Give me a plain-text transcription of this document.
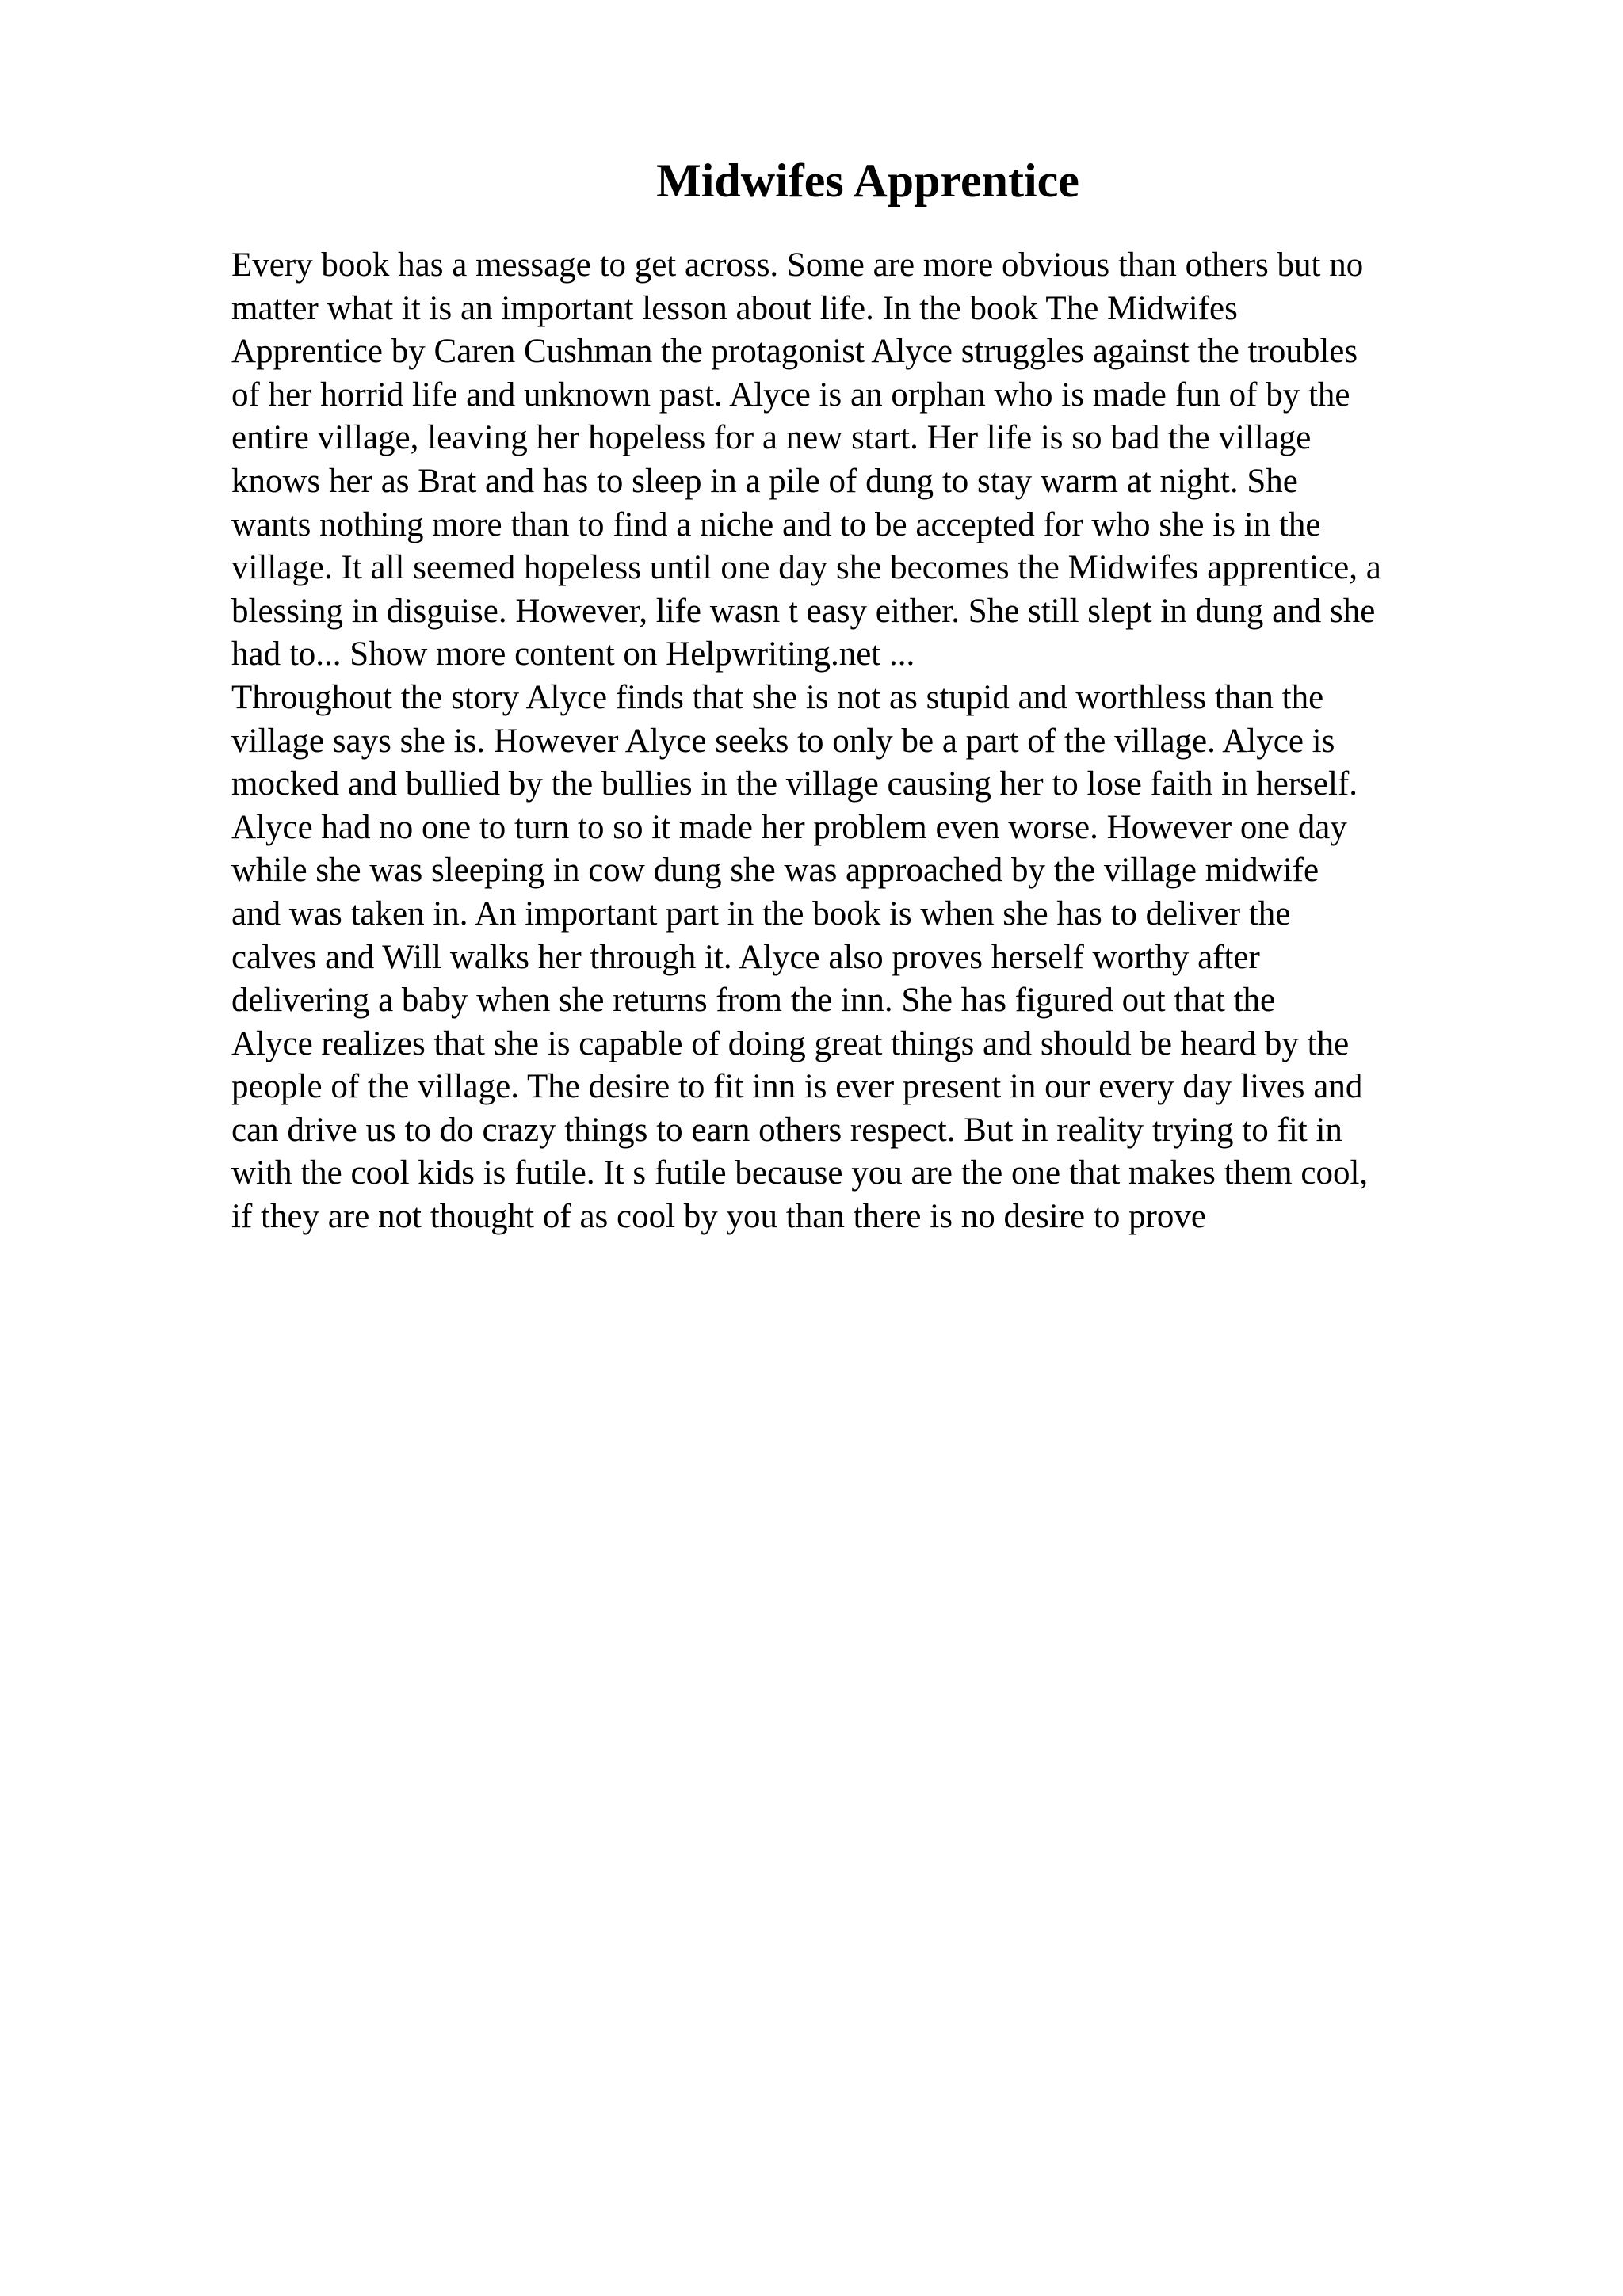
Midwifes Apprentice
Every book has a message to get across. Some are more obvious than others but no
matter what it is an important lesson about life. In the book The Midwifes
Apprentice by Caren Cushman the protagonist Alyce struggles against the troubles
of her horrid life and unknown past. Alyce is an orphan who is made fun of by the
entire village, leaving her hopeless for a new start. Her life is so bad the village
knows her as Brat and has to sleep in a pile of dung to stay warm at night. She
wants nothing more than to find a niche and to be accepted for who she is in the
village. It all seemed hopeless until one day she becomes the Midwifes apprentice, a
blessing in disguise. However, life wasn t easy either. She still slept in dung and she
had to... Show more content on Helpwriting.net ...
Throughout the story Alyce finds that she is not as stupid and worthless than the
village says she is. However Alyce seeks to only be a part of the village. Alyce is
mocked and bullied by the bullies in the village causing her to lose faith in herself.
Alyce had no one to turn to so it made her problem even worse. However one day
while she was sleeping in cow dung she was approached by the village midwife
and was taken in. An important part in the book is when she has to deliver the
calves and Will walks her through it. Alyce also proves herself worthy after
delivering a baby when she returns from the inn. She has figured out that the
Alyce realizes that she is capable of doing great things and should be heard by the
people of the village. The desire to fit inn is ever present in our every day lives and
can drive us to do crazy things to earn others respect. But in reality trying to fit in
with the cool kids is futile. It s futile because you are the one that makes them cool,
if they are not thought of as cool by you than there is no desire to prove
